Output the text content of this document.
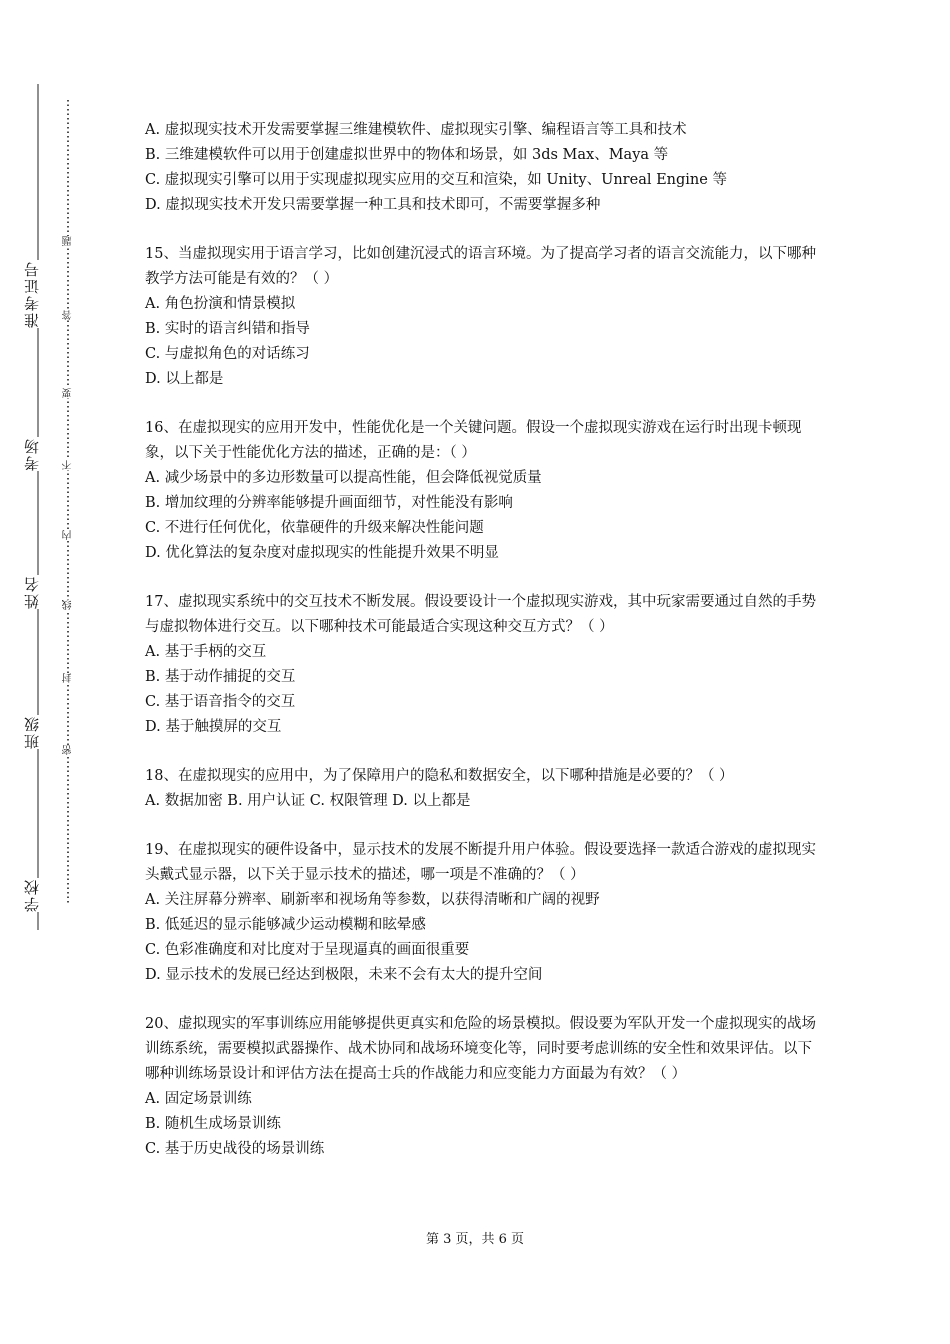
准考证号
考场
姓名
班级
学校
题
答
要
不
内
线
封
密

A. 虚拟现实技术开发需要掌握三维建模软件、虚拟现实引擎、编程语言等工具和技术

B. 三维建模软件可以用于创建虚拟世界中的物体和场景，如 3ds Max、Maya 等

C. 虚拟现实引擎可以用于实现虚拟现实应用的交互和渲染，如 Unity、Unreal Engine 等

D. 虚拟现实技术开发只需要掌握一种工具和技术即可，不需要掌握多种

15、当虚拟现实用于语言学习，比如创建沉浸式的语言环境。为了提高学习者的语言交流能力，以下哪种教学方法可能是有效的？（ ）

A. 角色扮演和情景模拟

B. 实时的语言纠错和指导

C. 与虚拟角色的对话练习

D. 以上都是

16、在虚拟现实的应用开发中，性能优化是一个关键问题。假设一个虚拟现实游戏在运行时出现卡顿现象，以下关于性能优化方法的描述，正确的是：（ ）

A. 减少场景中的多边形数量可以提高性能，但会降低视觉质量

B. 增加纹理的分辨率能够提升画面细节，对性能没有影响

C. 不进行任何优化，依靠硬件的升级来解决性能问题

D. 优化算法的复杂度对虚拟现实的性能提升效果不明显

17、虚拟现实系统中的交互技术不断发展。假设要设计一个虚拟现实游戏，其中玩家需要通过自然的手势与虚拟物体进行交互。以下哪种技术可能最适合实现这种交互方式？（ ）

A. 基于手柄的交互

B. 基于动作捕捉的交互

C. 基于语音指令的交互

D. 基于触摸屏的交互

18、在虚拟现实的应用中，为了保障用户的隐私和数据安全，以下哪种措施是必要的？（ ）

A. 数据加密 B. 用户认证 C. 权限管理 D. 以上都是

19、在虚拟现实的硬件设备中，显示技术的发展不断提升用户体验。假设要选择一款适合游戏的虚拟现实头戴式显示器，以下关于显示技术的描述，哪一项是不准确的？（ ）

A. 关注屏幕分辨率、刷新率和视场角等参数，以获得清晰和广阔的视野

B. 低延迟的显示能够减少运动模糊和眩晕感

C. 色彩准确度和对比度对于呈现逼真的画面很重要

D. 显示技术的发展已经达到极限，未来不会有太大的提升空间

20、虚拟现实的军事训练应用能够提供更真实和危险的场景模拟。假设要为军队开发一个虚拟现实的战场训练系统，需要模拟武器操作、战术协同和战场环境变化等，同时要考虑训练的安全性和效果评估。以下哪种训练场景设计和评估方法在提高士兵的作战能力和应变能力方面最为有效？（ ）

A. 固定场景训练

B. 随机生成场景训练

C. 基于历史战役的场景训练

第 3 页，共 6 页
